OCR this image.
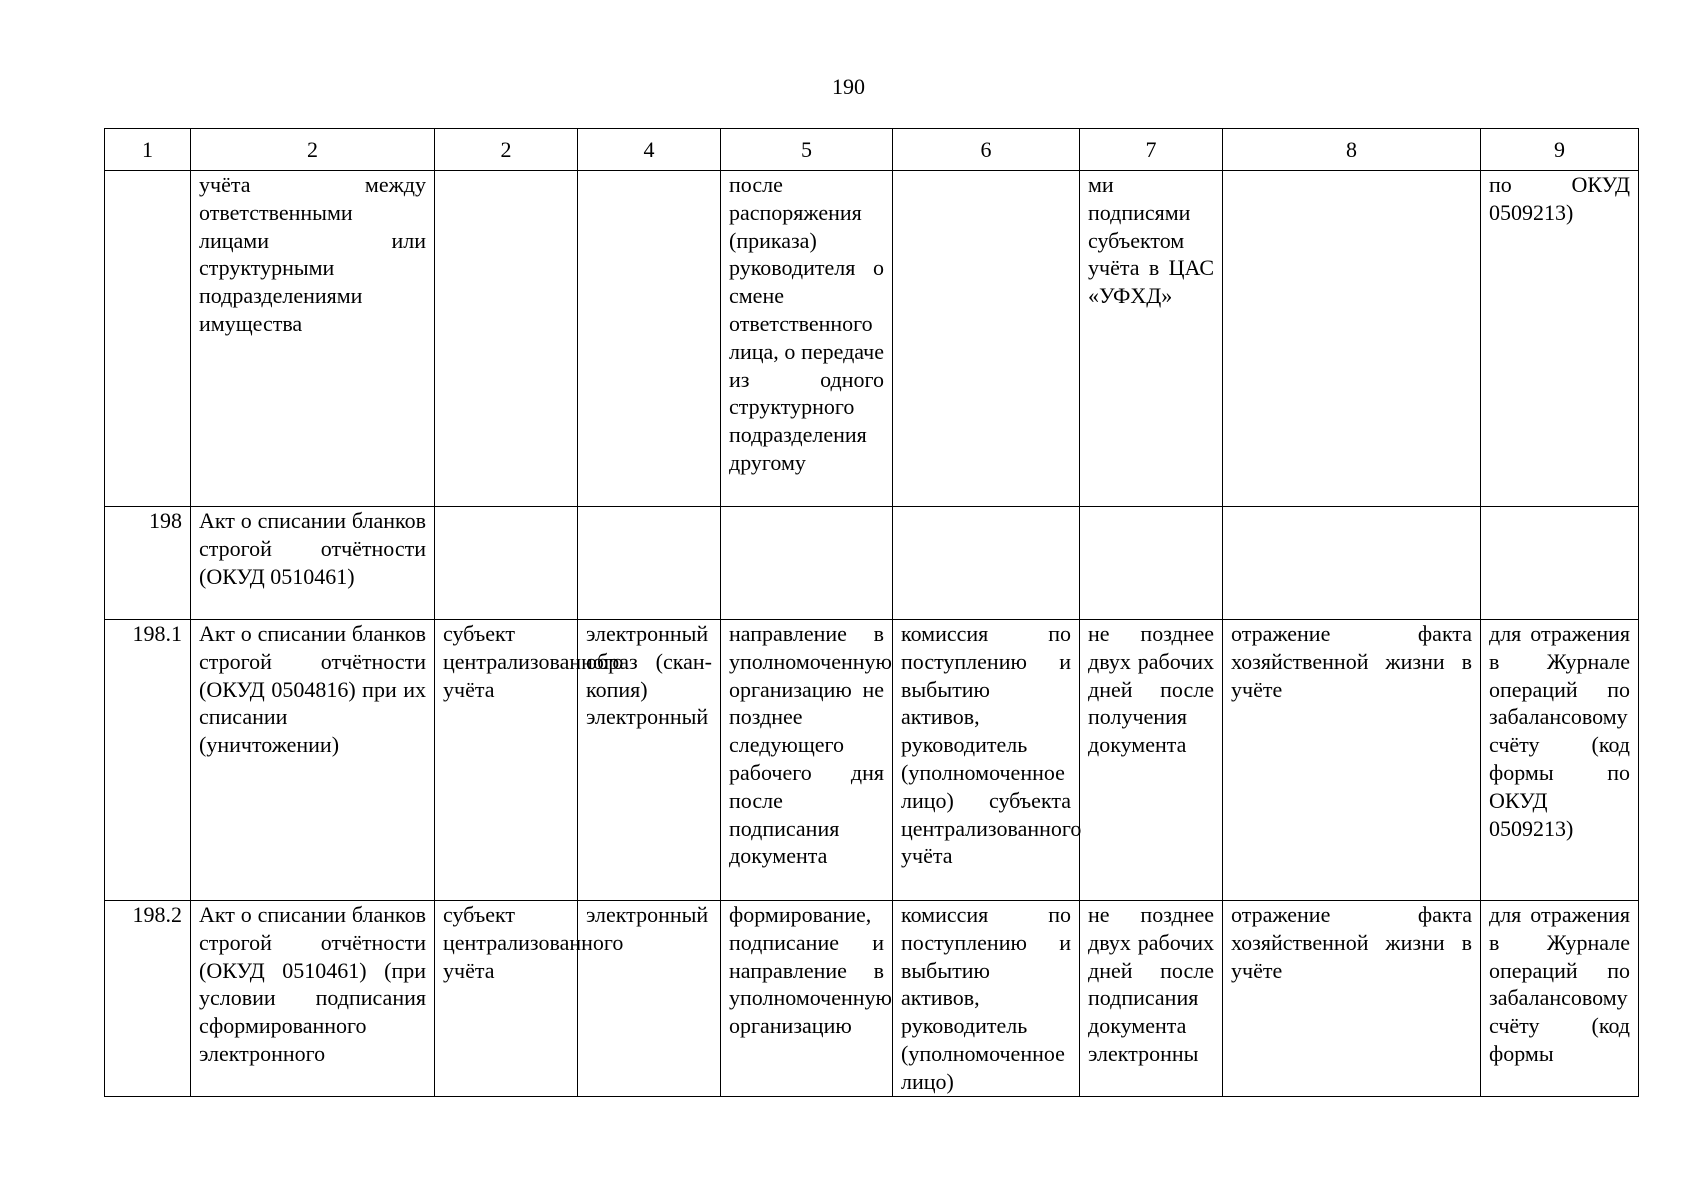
190
1	2	2	4	5	6	7	8	9
	учёта между ответственными лицами или структурными подразделениями имущества			после распоряжения (приказа) руководителя о смене ответственного лица, о передаче из одного структурного подразделения другому		ми подписями субъектом учёта в ЦАС «УФХД»		по ОКУД 0509213)
198	Акт о списании бланков строгой отчётности (ОКУД 0510461)							
198.1	Акт о списании бланков строгой отчётности (ОКУД 0504816) при их списании (уничтожении)	субъект централизованного учёта	электронный образ (скан-копия) электронный	направление в уполномоченную организацию не позднее следующего рабочего дня после подписания документа	комиссия по поступлению и выбытию активов, руководитель (уполномоченное лицо) субъекта централизованного учёта	не позднее двух рабочих дней после получения документа	отражение факта хозяйственной жизни в учёте	для отражения в Журнале операций по забалансовому счёту (код формы по ОКУД 0509213)
198.2	Акт о списании бланков строгой отчётности (ОКУД 0510461) (при условии подписания сформированного электронного	субъект централизованного учёта	электронный	формирование, подписание и направление в уполномоченную организацию	комиссия по поступлению и выбытию активов, руководитель (уполномоченное лицо)	не позднее двух рабочих дней после подписания документа электронны	отражение факта хозяйственной жизни в учёте	для отражения в Журнале операций по забалансовому счёту (код формы
